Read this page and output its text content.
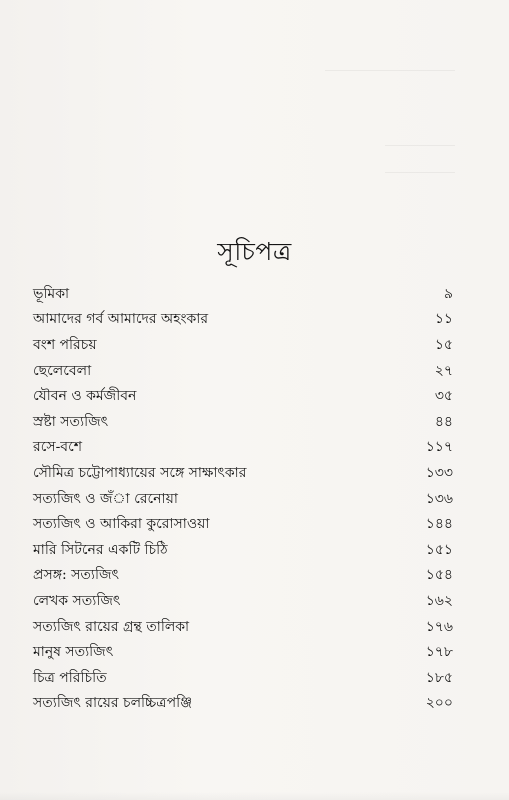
সূচিপত্র
ভূমিকা	৯
আমাদের গর্ব আমাদের অহংকার	১১
বংশ পরিচয়	১৫
ছেলেবেলা	২৭
যৌবন ও কর্মজীবন	৩৫
স্রষ্টা সত্যজিৎ	৪৪
রসে-বশে	১১৭
সৌমিত্র চট্টোপাধ্যায়ের সঙ্গে সাক্ষাৎকার	১৩৩
সত্যজিৎ ও জঁা রেনোয়া	১৩৬
সত্যজিৎ ও আকিরা কুরোসাওয়া	১৪৪
মারি সিটনের একটি চিঠি	১৫১
প্রসঙ্গ: সত্যজিৎ	১৫৪
লেখক সত্যজিৎ	১৬২
সত্যজিৎ রায়ের গ্রন্থ তালিকা	১৭৬
মানুষ সত্যজিৎ	১৭৮
চিত্র পরিচিতি	১৮৫
সত্যজিৎ রায়ের চলচ্চিত্রপঞ্জি	২০০
